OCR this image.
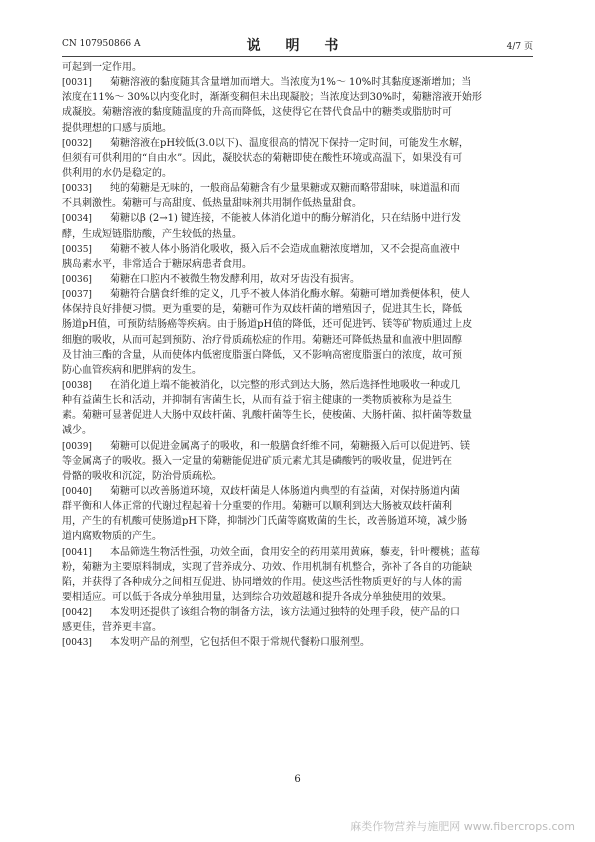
CN 107950866 A	说 明 书	4/7 页
可起到一定作用。
[0031] 菊糖溶液的黏度随其含量增加而增大。当浓度为1%～ 10%时其黏度逐渐增加；当
浓度在11%～ 30%以内变化时，渐渐变稠但未出现凝胶；当浓度达到30%时，菊糖溶液开始形
成凝胶。菊糖溶液的黏度随温度的升高而降低，这使得它在替代食品中的糖类或脂肪时可
提供理想的口感与质地。
[0032] 菊糖溶液在pH较低(3.0以下)、温度很高的情况下保持一定时间，可能发生水解，
但须有可供利用的“自由水”。因此，凝胶状态的菊糖即使在酸性环境或高温下，如果没有可
供利用的水仍是稳定的。
[0033] 纯的菊糖是无味的，一般商品菊糖含有少量果糖或双糖而略带甜味，味道温和而
不具刺激性。菊糖可与高甜度、低热量甜味剂共用制作低热量甜食。
[0034] 菊糖以β (2→1) 键连接，不能被人体消化道中的酶分解消化，只在结肠中进行发
酵，生成短链脂肪酸，产生较低的热量。
[0035] 菊糖不被人体小肠消化吸收，摄入后不会造成血糖浓度增加，又不会提高血液中
胰岛素水平，非常适合于糖尿病患者食用。
[0036] 菊糖在口腔内不被微生物发酵利用，故对牙齿没有损害。
[0037] 菊糖符合膳食纤维的定义，几乎不被人体消化酶水解。菊糖可增加粪便体积，使人
体保持良好排便习惯。更为重要的是，菊糖可作为双歧杆菌的增殖因子，促进其生长，降低
肠道pH值，可预防结肠癌等疾病。由于肠道pH值的降低，还可促进钙、镁等矿物质通过上皮
细胞的吸收，从而可起到预防、治疗骨质疏松症的作用。菊糖还可降低热量和血液中胆固醇
及甘油三酯的含量，从而使体内低密度脂蛋白降低，又不影响高密度脂蛋白的浓度，故可预
防心血管疾病和肥胖病的发生。
[0038] 在消化道上端不能被消化，以完整的形式到达大肠，然后选择性地吸收一种或几
种有益菌生长和活动，并抑制有害菌生长，从而有益于宿主健康的一类物质被称为是益生
素。菊糖可显著促进人大肠中双歧杆菌、乳酸杆菌等生长，使梭菌、大肠杆菌、拟杆菌等数量
减少。
[0039] 菊糖可以促进金属离子的吸收，和一般膳食纤维不同，菊糖摄入后可以促进钙、镁
等金属离子的吸收。摄入一定量的菊糖能促进矿质元素尤其是磷酸钙的吸收量，促进钙在
骨骼的吸收和沉淀，防治骨质疏松。
[0040] 菊糖可以改善肠道环境，双歧杆菌是人体肠道内典型的有益菌，对保持肠道内菌
群平衡和人体正常的代谢过程起着十分重要的作用。菊糖可以顺利到达大肠被双歧杆菌利
用，产生的有机酸可使肠道pH下降，抑制沙门氏菌等腐败菌的生长，改善肠道环境，减少肠
道内腐败物质的产生。
[0041] 本品筛选生物活性强，功效全面，食用安全的药用菜用黄麻，藜麦，针叶樱桃；蓝莓
粉，菊糖为主要原料制成，实现了营养成分、功效、作用机制有机整合，弥补了各自的功能缺
陷，并获得了各种成分之间相互促进、协同增效的作用。使这些活性物质更好的与人体的需
要相适应。可以低于各成分单独用量，达到综合功效超越和提升各成分单独使用的效果。
[0042] 本发明还提供了该组合物的制备方法，该方法通过独特的处理手段，使产品的口
感更佳，营养更丰富。
[0043] 本发明产品的剂型，它包括但不限于常规代餐粉口服剂型。
6
麻类作物营养与施肥网 www.fibercrops.com
